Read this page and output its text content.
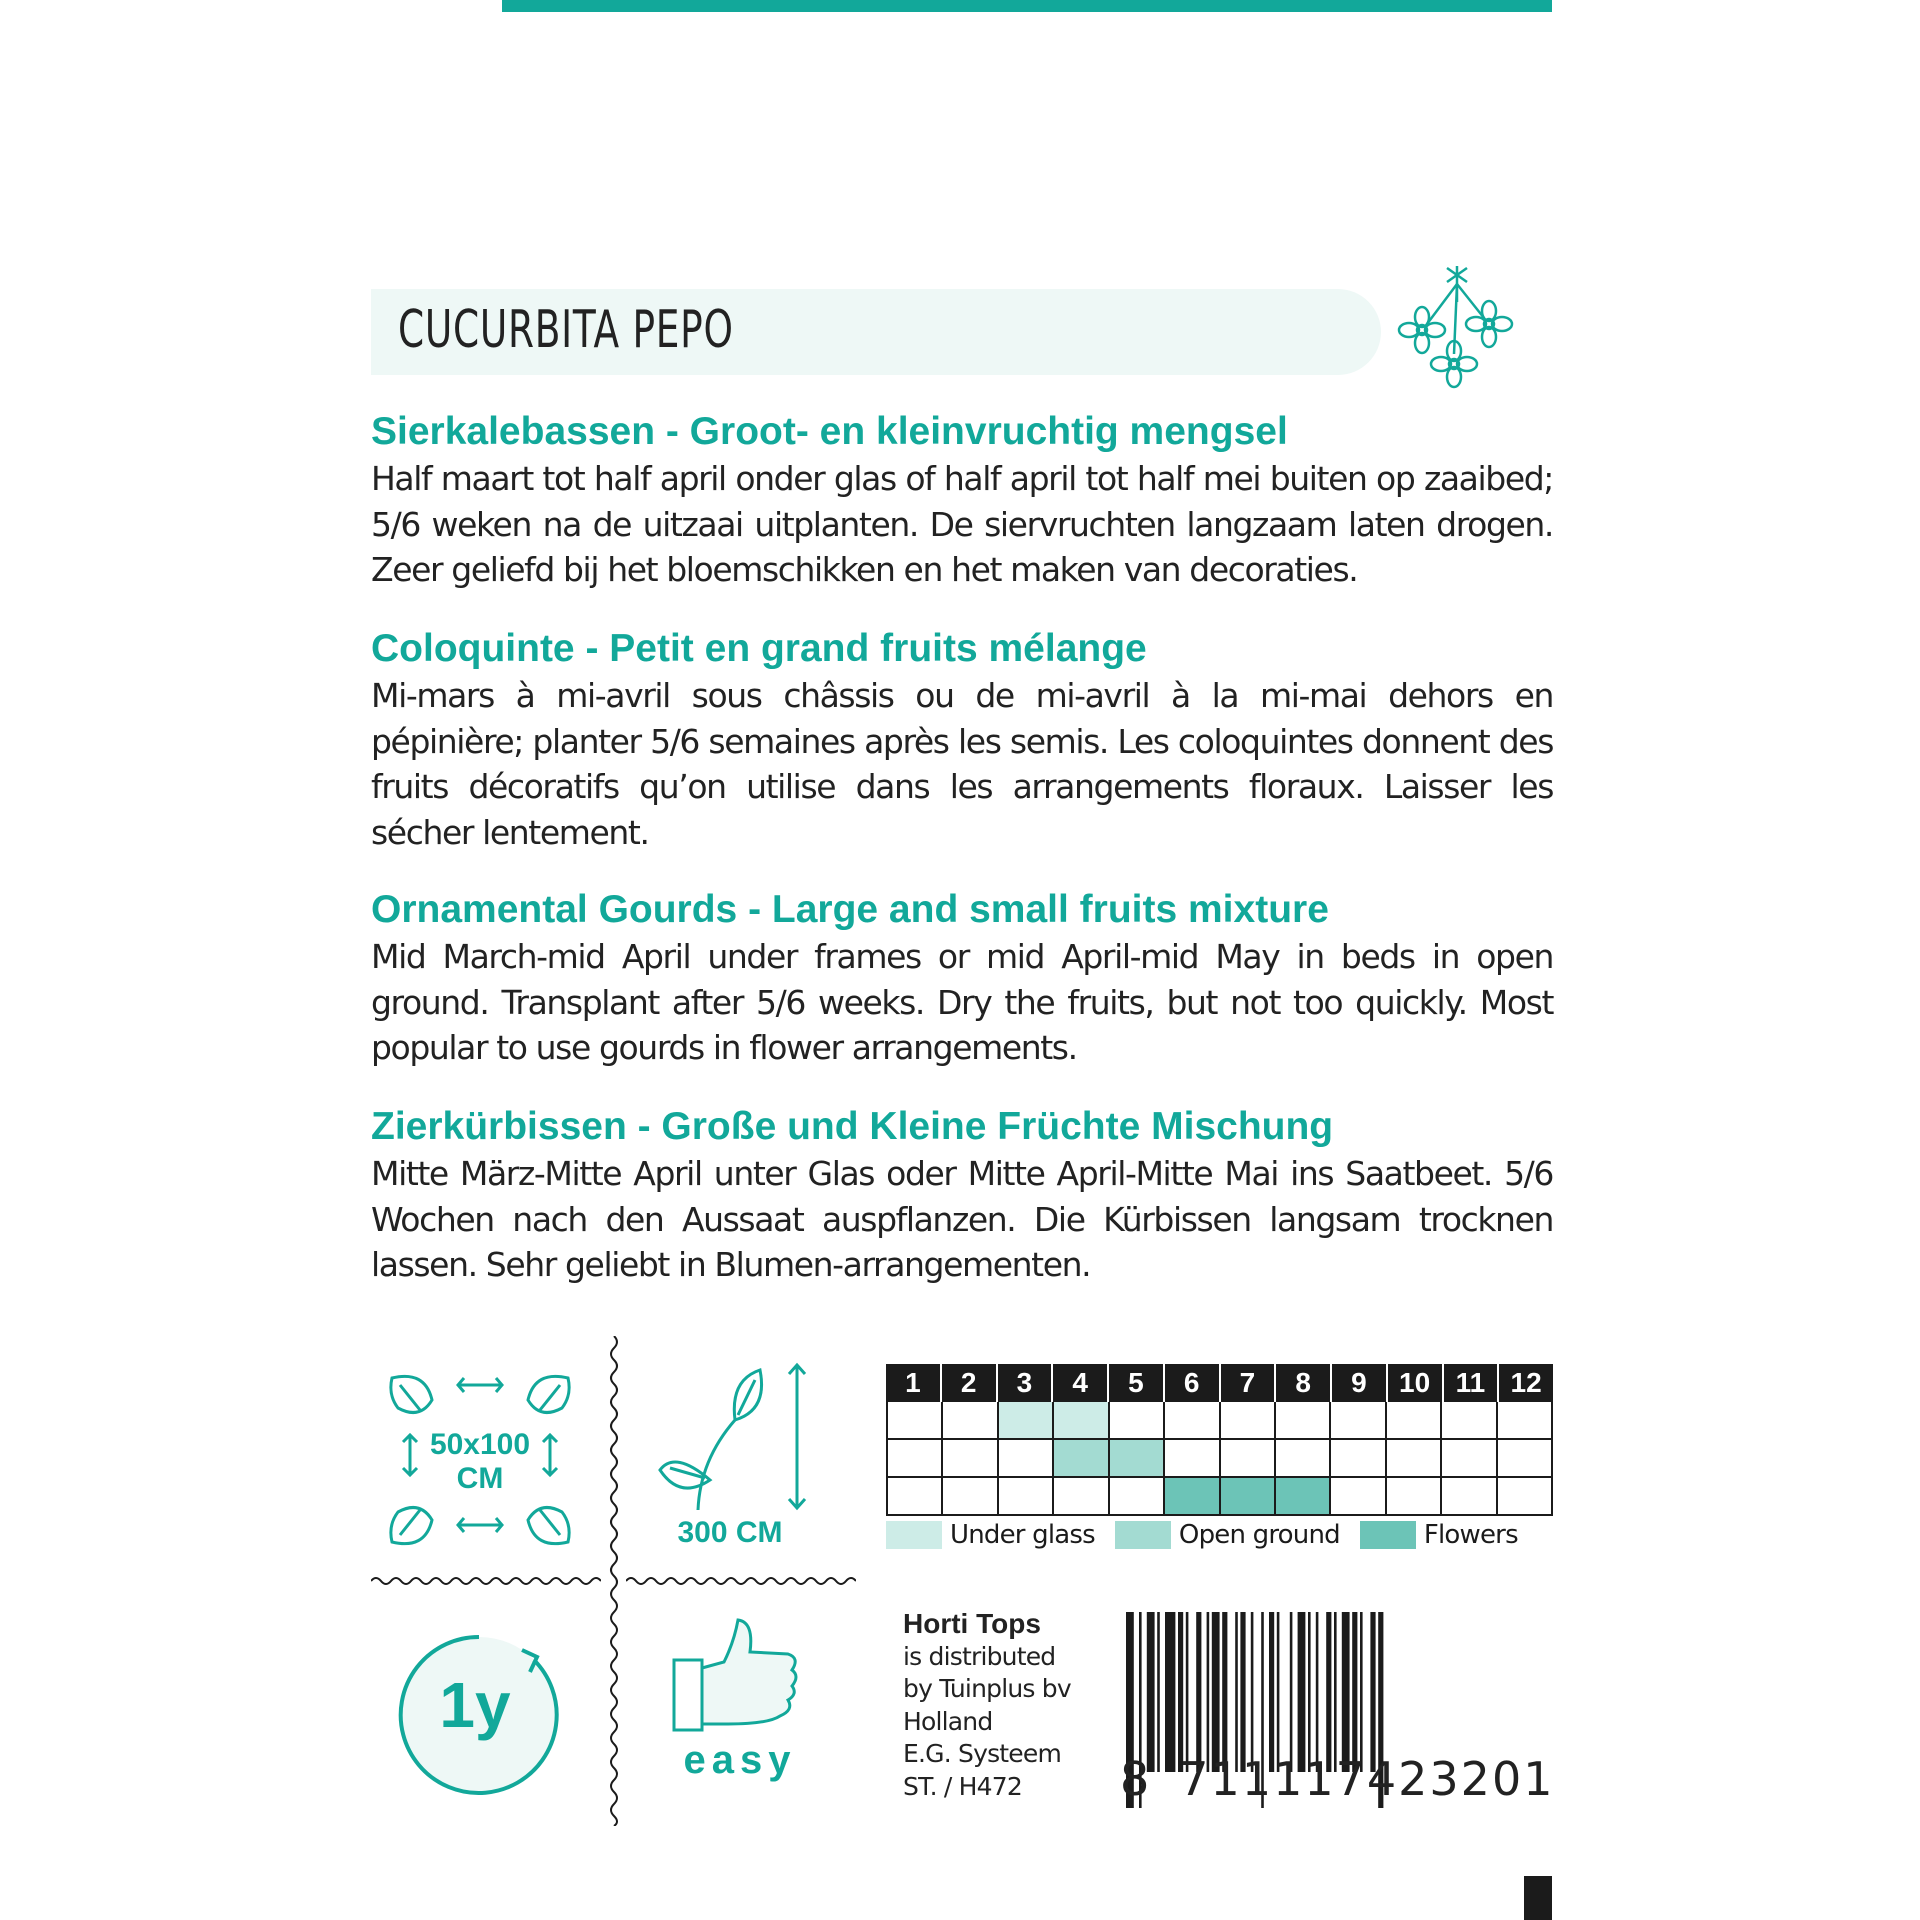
CUCURBITA PEPO
Sierkalebassen - Groot- en kleinvruchtig mengsel

Half maart tot half april onder glas of half april tot half mei buiten op zaaibed; 5/6 weken na de uitzaai uitplanten. De siervruchten langzaam laten drogen. Zeer geliefd bij het bloemschikken en het maken van decoraties.

Coloquinte - Petit en grand fruits mélange

Mi-mars à mi-avril sous châssis ou de mi-avril à la mi-mai dehors en pépinière; planter 5/6 semaines après les semis. Les coloquintes donnent des fruits décoratifs qu’on utilise dans les arrangements floraux. Laisser les sécher lentement.

Ornamental Gourds - Large and small fruits mixture

Mid March-mid April under frames or mid April-mid May in beds in open ground. Transplant after 5/6 weeks. Dry the fruits, but not too quickly. Most popular to use gourds in flower arrangements.

Zierkürbissen - Große und Kleine Früchte Mischung

Mitte März-Mitte April unter Glas oder Mitte April-Mitte Mai ins Saatbeet. 5/6 Wochen nach den Aussaat auspflanzen. Die Kürbissen langsam trocknen lassen. Sehr geliebt in Blumen-arrangementen.

50x100
CM
300 CM
1y
easy
1	2	3	4	5	6	7	8	9	10 11 12
Under glass	Open ground	Flowers
Horti Tops
is distributed
by Tuinplus bv
Holland
E.G. Systeem
ST. / H472	8 711117423201
